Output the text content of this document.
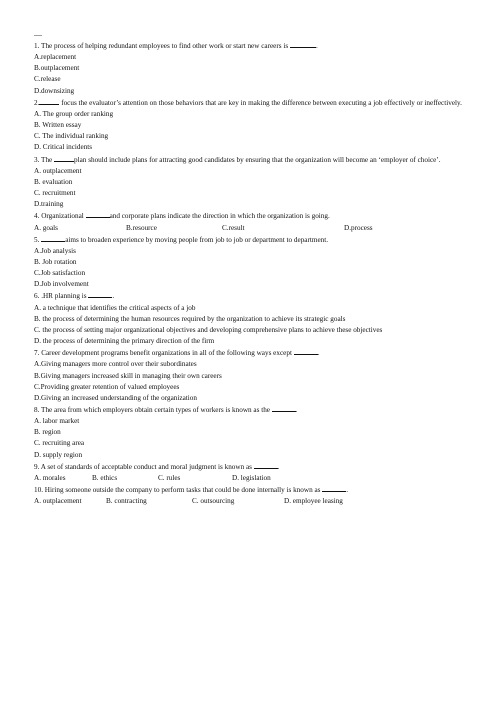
—
1. The process of helping redundant employees to find other work or start new careers is	.
A.replacement
B.outplacement
C.release
D.downsizing
2.	focus the evaluator’s attention on those behaviors that are key in making the difference between executing a job effectively or ineffectively.
A. The group order ranking
B. Written essay
C. The individual ranking
D. Critical incidents
3. The	plan should include plans for attracting good candidates by ensuring that the organization will become an ‘employer of choice’.
A. outplacement
B. evaluation
C. recruitment
D.training
4. Organizational	and corporate plans indicate the direction in which the organization is going.
A. goals	B.resource	C.result	D.process
5.	aims to broaden experience by moving people from job to job or department to department.
A.Job analysis
B. Job rotation
C.Job satisfaction
D.Job involvement
6. .HR planning is	.
A. a technique that identifies the critical aspects of a job
B. the process of determining the human resources required by the organization to achieve its strategic goals
C. the process of setting major organizational objectives and developing comprehensive plans to achieve these objectives
D. the process of determining the primary direction of the firm
7. Career development programs benefit organizations in all of the following ways except	.
A.Giving managers more control over their subordinates
B.Giving managers increased skill in managing their own careers
C.Providing greater retention of valued employees
D.Giving an increased understanding of the organization
8. The area from which employers obtain certain types of workers is known as the	.
A. labor market
B. region
C. recruiting area
D. supply region
9. A set of standards of acceptable conduct and moral judgment is known as	.
A. morales	B. ethics	C. rules	D. legislation
10. Hiring someone outside the company to perform tasks that could be done internally is known as	.
A. outplacement	B. contracting	C. outsourcing	D. employee leasing
